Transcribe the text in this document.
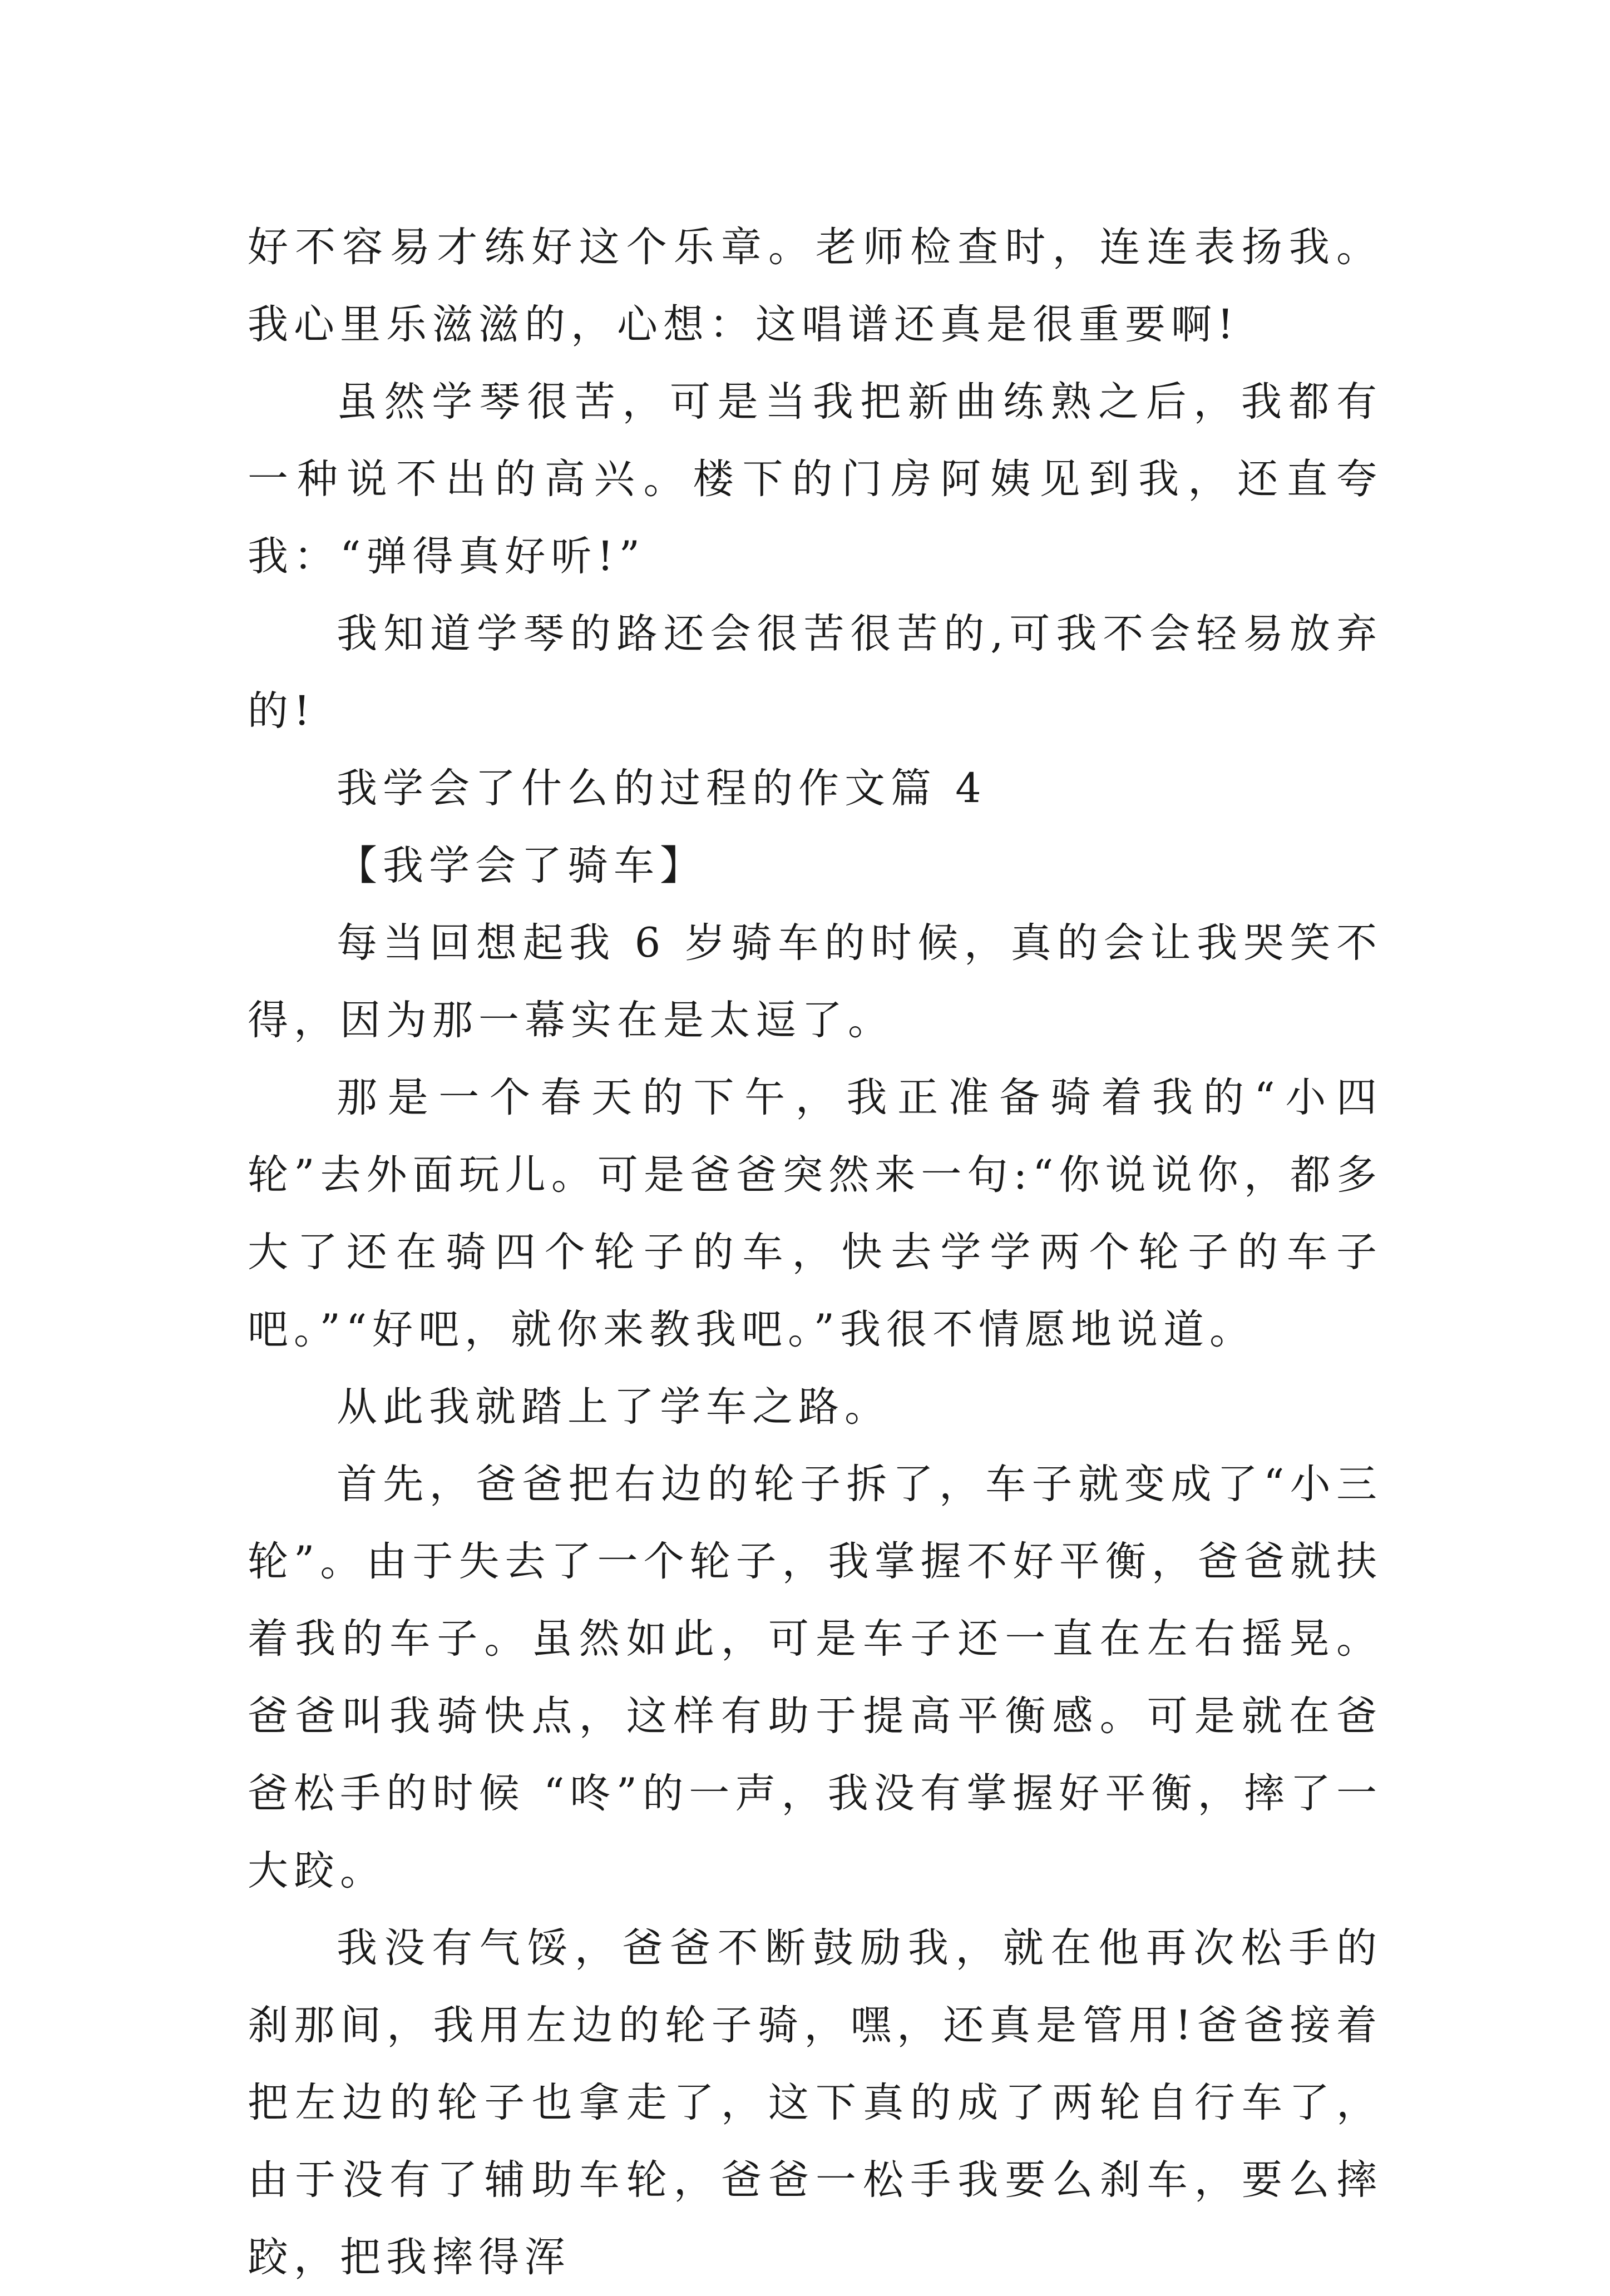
好不容易才练好这个乐章。老师检查时，连连表扬我。我心里乐滋滋的，心想：这唱谱还真是很重要啊!

虽然学琴很苦，可是当我把新曲练熟之后，我都有一种说不出的高兴。楼下的门房阿姨见到我，还直夸我：“弹得真好听!”

我知道学琴的路还会很苦很苦的,可我不会轻易放弃的!

我学会了什么的过程的作文篇 4

【我学会了骑车】

每当回想起我 6 岁骑车的时候，真的会让我哭笑不得，因为那一幕实在是太逗了。

那是一个春天的下午，我正准备骑着我的“小四轮”去外面玩儿。可是爸爸突然来一句:“你说说你，都多大了还在骑四个轮子的车，快去学学两个轮子的车子吧。”“好吧，就你来教我吧。”我很不情愿地说道。

从此我就踏上了学车之路。

首先，爸爸把右边的轮子拆了，车子就变成了“小三轮”。由于失去了一个轮子，我掌握不好平衡，爸爸就扶着我的车子。虽然如此，可是车子还一直在左右摇晃。爸爸叫我骑快点，这样有助于提高平衡感。可是就在爸爸松手的时候 “咚”的一声，我没有掌握好平衡，摔了一大跤。

我没有气馁，爸爸不断鼓励我，就在他再次松手的刹那间，我用左边的轮子骑，嘿，还真是管用!爸爸接着把左边的轮子也拿走了，这下真的成了两轮自行车了，由于没有了辅助车轮，爸爸一松手我要么刹车，要么摔跤，把我摔得浑
